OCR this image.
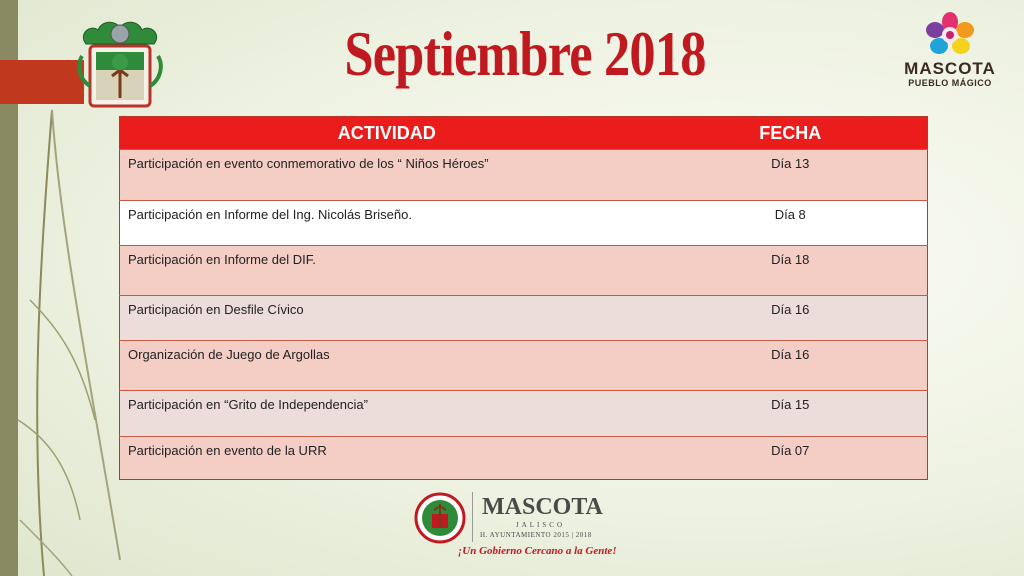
Septiembre 2018	MASCOTA
PUEBLO MÁGICO
ACTIVIDAD	FECHA
Participación en evento conmemorativo de los “ Niños Héroes”	Día 13
Participación en Informe del Ing. Nicolás Briseño.	Día 8
Participación en Informe del DIF.	Día 18
Participación en Desfile Cívico	Día 16
Organización de Juego de Argollas	Día 16
Participación en “Grito de Independencia”	Día 15
Participación en evento de la URR	Día 07
MASCOTA
JALISCO
H. AYUNTAMIENTO 2015 | 2018
¡Un Gobierno Cercano a la Gente!
